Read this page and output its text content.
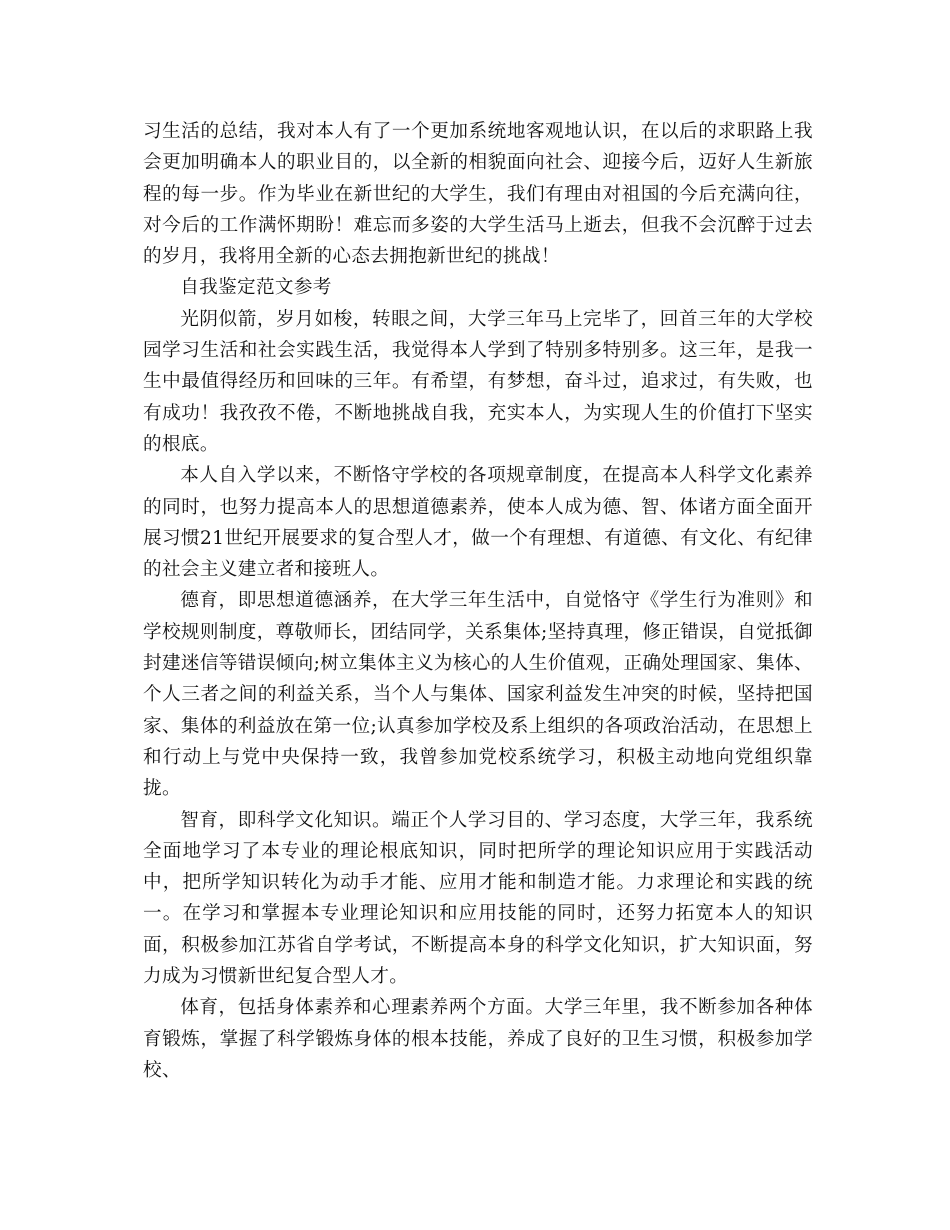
习生活的总结，我对本人有了一个更加系统地客观地认识，在以后的求职路上我会更加明确本人的职业目的，以全新的相貌面向社会、迎接今后，迈好人生新旅程的每一步。作为毕业在新世纪的大学生，我们有理由对祖国的今后充满向往，对今后的工作满怀期盼！难忘而多姿的大学生活马上逝去，但我不会沉醉于过去的岁月，我将用全新的心态去拥抱新世纪的挑战！

自我鉴定范文参考

光阴似箭，岁月如梭，转眼之间，大学三年马上完毕了，回首三年的大学校园学习生活和社会实践生活，我觉得本人学到了特别多特别多。这三年，是我一生中最值得经历和回味的三年。有希望，有梦想，奋斗过，追求过，有失败，也有成功！我孜孜不倦，不断地挑战自我，充实本人，为实现人生的价值打下坚实的根底。

本人自入学以来，不断恪守学校的各项规章制度，在提高本人科学文化素养的同时，也努力提高本人的思想道德素养，使本人成为德、智、体诸方面全面开展习惯21世纪开展要求的复合型人才，做一个有理想、有道德、有文化、有纪律的社会主义建立者和接班人。

德育，即思想道德涵养，在大学三年生活中，自觉恪守《学生行为准则》和学校规则制度，尊敬师长，团结同学，关系集体;坚持真理，修正错误，自觉抵御封建迷信等错误倾向;树立集体主义为核心的人生价值观，正确处理国家、集体、个人三者之间的利益关系，当个人与集体、国家利益发生冲突的时候，坚持把国家、集体的利益放在第一位;认真参加学校及系上组织的各项政治活动，在思想上和行动上与党中央保持一致，我曾参加党校系统学习，积极主动地向党组织靠拢。

智育，即科学文化知识。端正个人学习目的、学习态度，大学三年，我系统全面地学习了本专业的理论根底知识，同时把所学的理论知识应用于实践活动中，把所学知识转化为动手才能、应用才能和制造才能。力求理论和实践的统一。在学习和掌握本专业理论知识和应用技能的同时，还努力拓宽本人的知识面，积极参加江苏省自学考试，不断提高本身的科学文化知识，扩大知识面，努力成为习惯新世纪复合型人才。

体育，包括身体素养和心理素养两个方面。大学三年里，我不断参加各种体育锻炼，掌握了科学锻炼身体的根本技能，养成了良好的卫生习惯，积极参加学校、
